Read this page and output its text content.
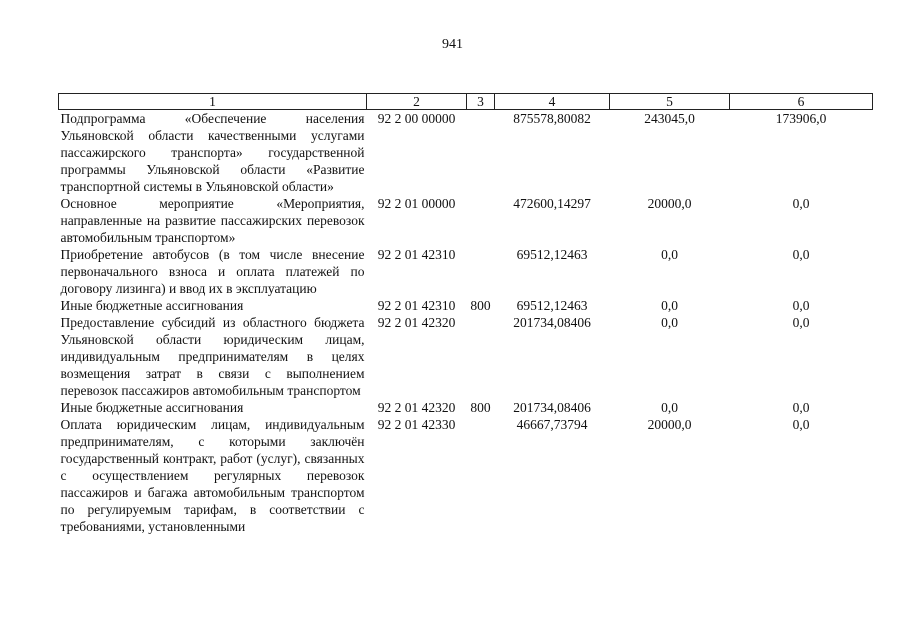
941
1	2	3	4	5	6
Подпрограмма «Обеспечение населения Ульяновской области качественными услугами пассажирского транспорта» государственной программы Ульяновской области «Развитие транспортной системы в Ульяновской области»	92 2 00 00000		875578,80082	243045,0	173906,0
Основное мероприятие «Мероприятия, направленные на развитие пассажирских перевозок автомобильным транспортом»	92 2 01 00000		472600,14297	20000,0	0,0
Приобретение автобусов (в том числе внесение первоначального взноса и оплата платежей по договору лизинга) и ввод их в эксплуатацию	92 2 01 42310		69512,12463	0,0	0,0
Иные бюджетные ассигнования	92 2 01 42310	800	69512,12463	0,0	0,0
Предоставление субсидий из областного бюджета Ульяновской области юридическим лицам, индивидуальным предпринимателям в целях возмещения затрат в связи с выполнением перевозок пассажиров автомобильным транспортом	92 2 01 42320		201734,08406	0,0	0,0
Иные бюджетные ассигнования	92 2 01 42320	800	201734,08406	0,0	0,0
Оплата юридическим лицам, индивидуальным предпринимателям, с которыми заключён государственный контракт, работ (услуг), связанных с осуществлением регулярных перевозок пассажиров и багажа автомобильным транспортом по регулируемым тарифам, в соответствии с требованиями, установленными	92 2 01 42330		46667,73794	20000,0	0,0
